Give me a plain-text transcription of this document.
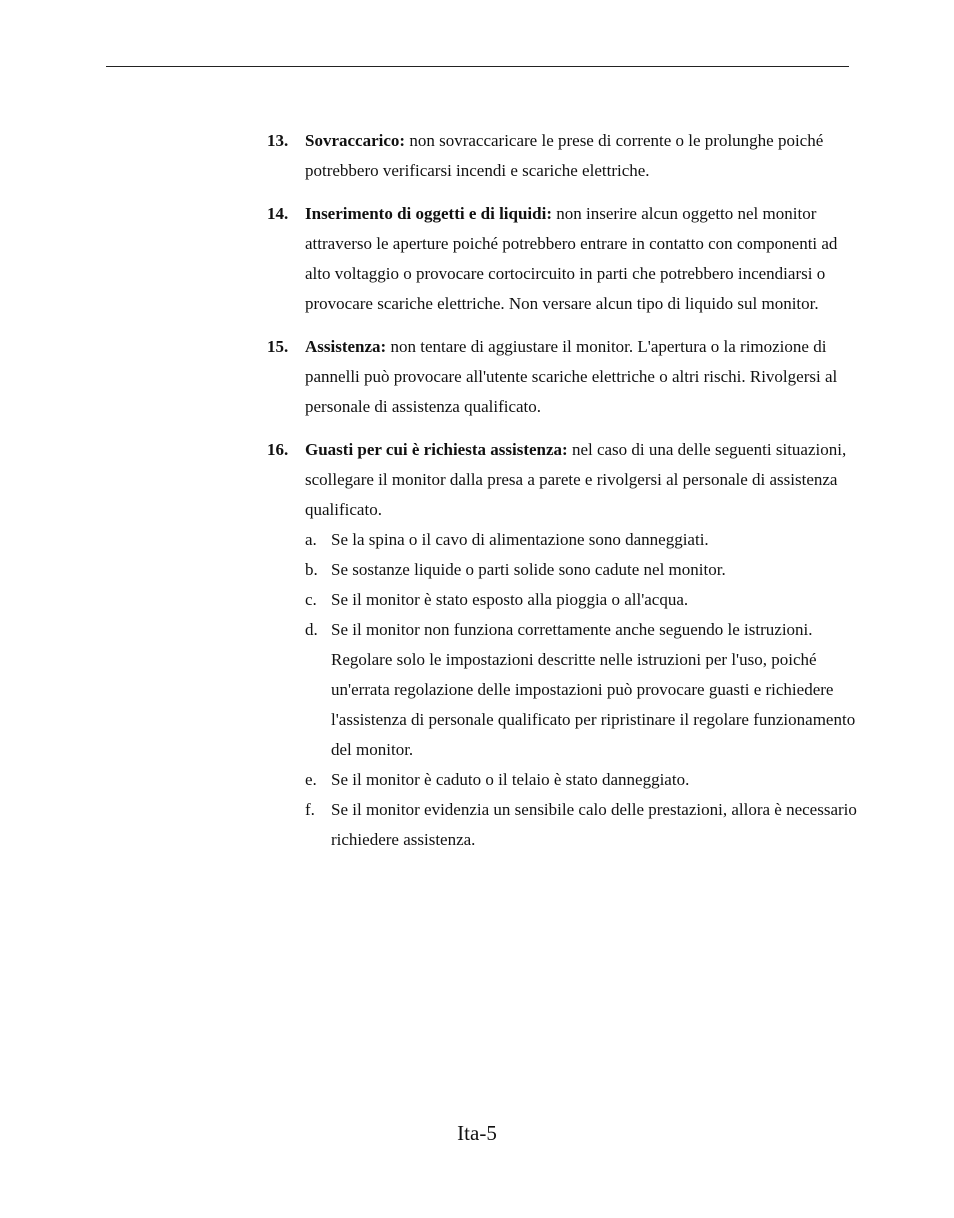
13. Sovraccarico: non sovraccaricare le prese di corrente o le prolunghe poiché potrebbero verificarsi incendi e scariche elettriche.
14. Inserimento di oggetti e di liquidi: non inserire alcun oggetto nel monitor attraverso le aperture poiché potrebbero entrare in contatto con componenti ad alto voltaggio o provocare cortocircuito in parti che potrebbero incendiarsi o provocare scariche elettriche. Non versare alcun tipo di liquido sul monitor.
15. Assistenza: non tentare di aggiustare il monitor. L'apertura o la rimozione di pannelli può provocare all'utente scariche elettriche o altri rischi. Rivolgersi al personale di assistenza qualificato.
16. Guasti per cui è richiesta assistenza: nel caso di una delle seguenti situazioni, scollegare il monitor dalla presa a parete e rivolgersi al personale di assistenza qualificato.
a. Se la spina o il cavo di alimentazione sono danneggiati.
b. Se sostanze liquide o parti solide sono cadute nel monitor.
c. Se il monitor è stato esposto alla pioggia o all'acqua.
d. Se il monitor non funziona correttamente anche seguendo le istruzioni. Regolare solo le impostazioni descritte nelle istruzioni per l'uso, poiché un'errata regolazione delle impostazioni può provocare guasti e richiedere l'assistenza di personale qualificato per ripristinare il regolare funzionamento del monitor.
e. Se il monitor è caduto o il telaio è stato danneggiato.
f. Se il monitor evidenzia un sensibile calo delle prestazioni, allora è necessario richiedere assistenza.
Ita-5
